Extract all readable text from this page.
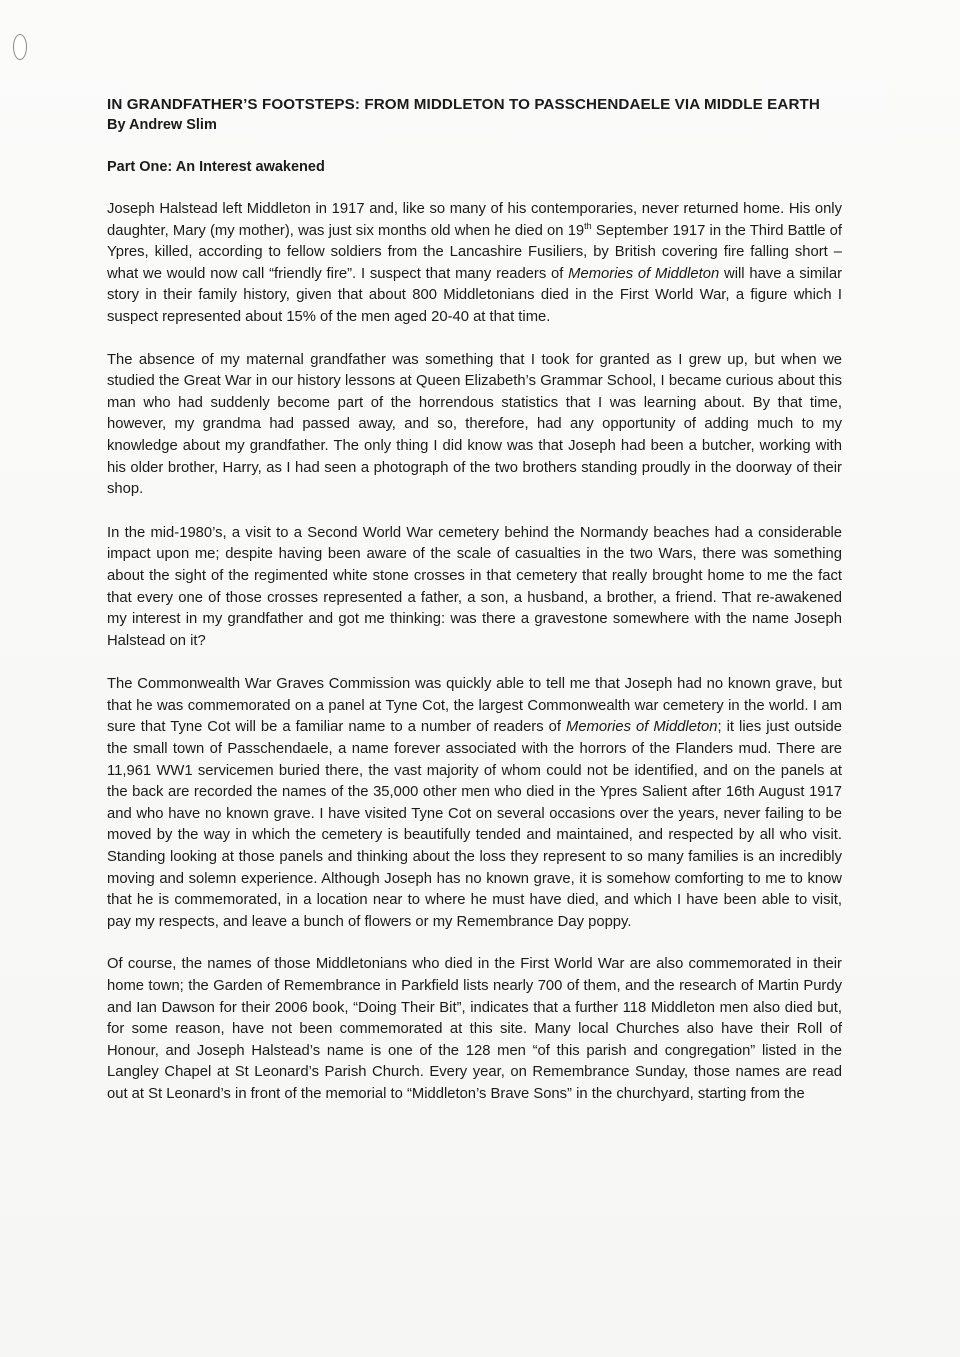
IN GRANDFATHER’S FOOTSTEPS: FROM MIDDLETON TO PASSCHENDAELE VIA MIDDLE EARTH
By Andrew Slim
Part One: An Interest awakened

Joseph Halstead left Middleton in 1917 and, like so many of his contemporaries, never returned home. His only daughter, Mary (my mother), was just six months old when he died on 19th September 1917 in the Third Battle of Ypres, killed, according to fellow soldiers from the Lancashire Fusiliers, by British covering fire falling short – what we would now call “friendly fire”. I suspect that many readers of Memories of Middleton will have a similar story in their family history, given that about 800 Middletonians died in the First World War, a figure which I suspect represented about 15% of the men aged 20-40 at that time.

The absence of my maternal grandfather was something that I took for granted as I grew up, but when we studied the Great War in our history lessons at Queen Elizabeth’s Grammar School, I became curious about this man who had suddenly become part of the horrendous statistics that I was learning about. By that time, however, my grandma had passed away, and so, therefore, had any opportunity of adding much to my knowledge about my grandfather. The only thing I did know was that Joseph had been a butcher, working with his older brother, Harry, as I had seen a photograph of the two brothers standing proudly in the doorway of their shop.

In the mid-1980’s, a visit to a Second World War cemetery behind the Normandy beaches had a considerable impact upon me; despite having been aware of the scale of casualties in the two Wars, there was something about the sight of the regimented white stone crosses in that cemetery that really brought home to me the fact that every one of those crosses represented a father, a son, a husband, a brother, a friend. That re-awakened my interest in my grandfather and got me thinking: was there a gravestone somewhere with the name Joseph Halstead on it?

The Commonwealth War Graves Commission was quickly able to tell me that Joseph had no known grave, but that he was commemorated on a panel at Tyne Cot, the largest Commonwealth war cemetery in the world. I am sure that Tyne Cot will be a familiar name to a number of readers of Memories of Middleton; it lies just outside the small town of Passchendaele, a name forever associated with the horrors of the Flanders mud. There are 11,961 WW1 servicemen buried there, the vast majority of whom could not be identified, and on the panels at the back are recorded the names of the 35,000 other men who died in the Ypres Salient after 16th August 1917 and who have no known grave. I have visited Tyne Cot on several occasions over the years, never failing to be moved by the way in which the cemetery is beautifully tended and maintained, and respected by all who visit. Standing looking at those panels and thinking about the loss they represent to so many families is an incredibly moving and solemn experience. Although Joseph has no known grave, it is somehow comforting to me to know that he is commemorated, in a location near to where he must have died, and which I have been able to visit, pay my respects, and leave a bunch of flowers or my Remembrance Day poppy.

Of course, the names of those Middletonians who died in the First World War are also commemorated in their home town; the Garden of Remembrance in Parkfield lists nearly 700 of them, and the research of Martin Purdy and Ian Dawson for their 2006 book, “Doing Their Bit”, indicates that a further 118 Middleton men also died but, for some reason, have not been commemorated at this site. Many local Churches also have their Roll of Honour, and Joseph Halstead’s name is one of the 128 men “of this parish and congregation” listed in the Langley Chapel at St Leonard’s Parish Church. Every year, on Remembrance Sunday, those names are read out at St Leonard’s in front of the memorial to “Middleton’s Brave Sons” in the churchyard, starting from the
